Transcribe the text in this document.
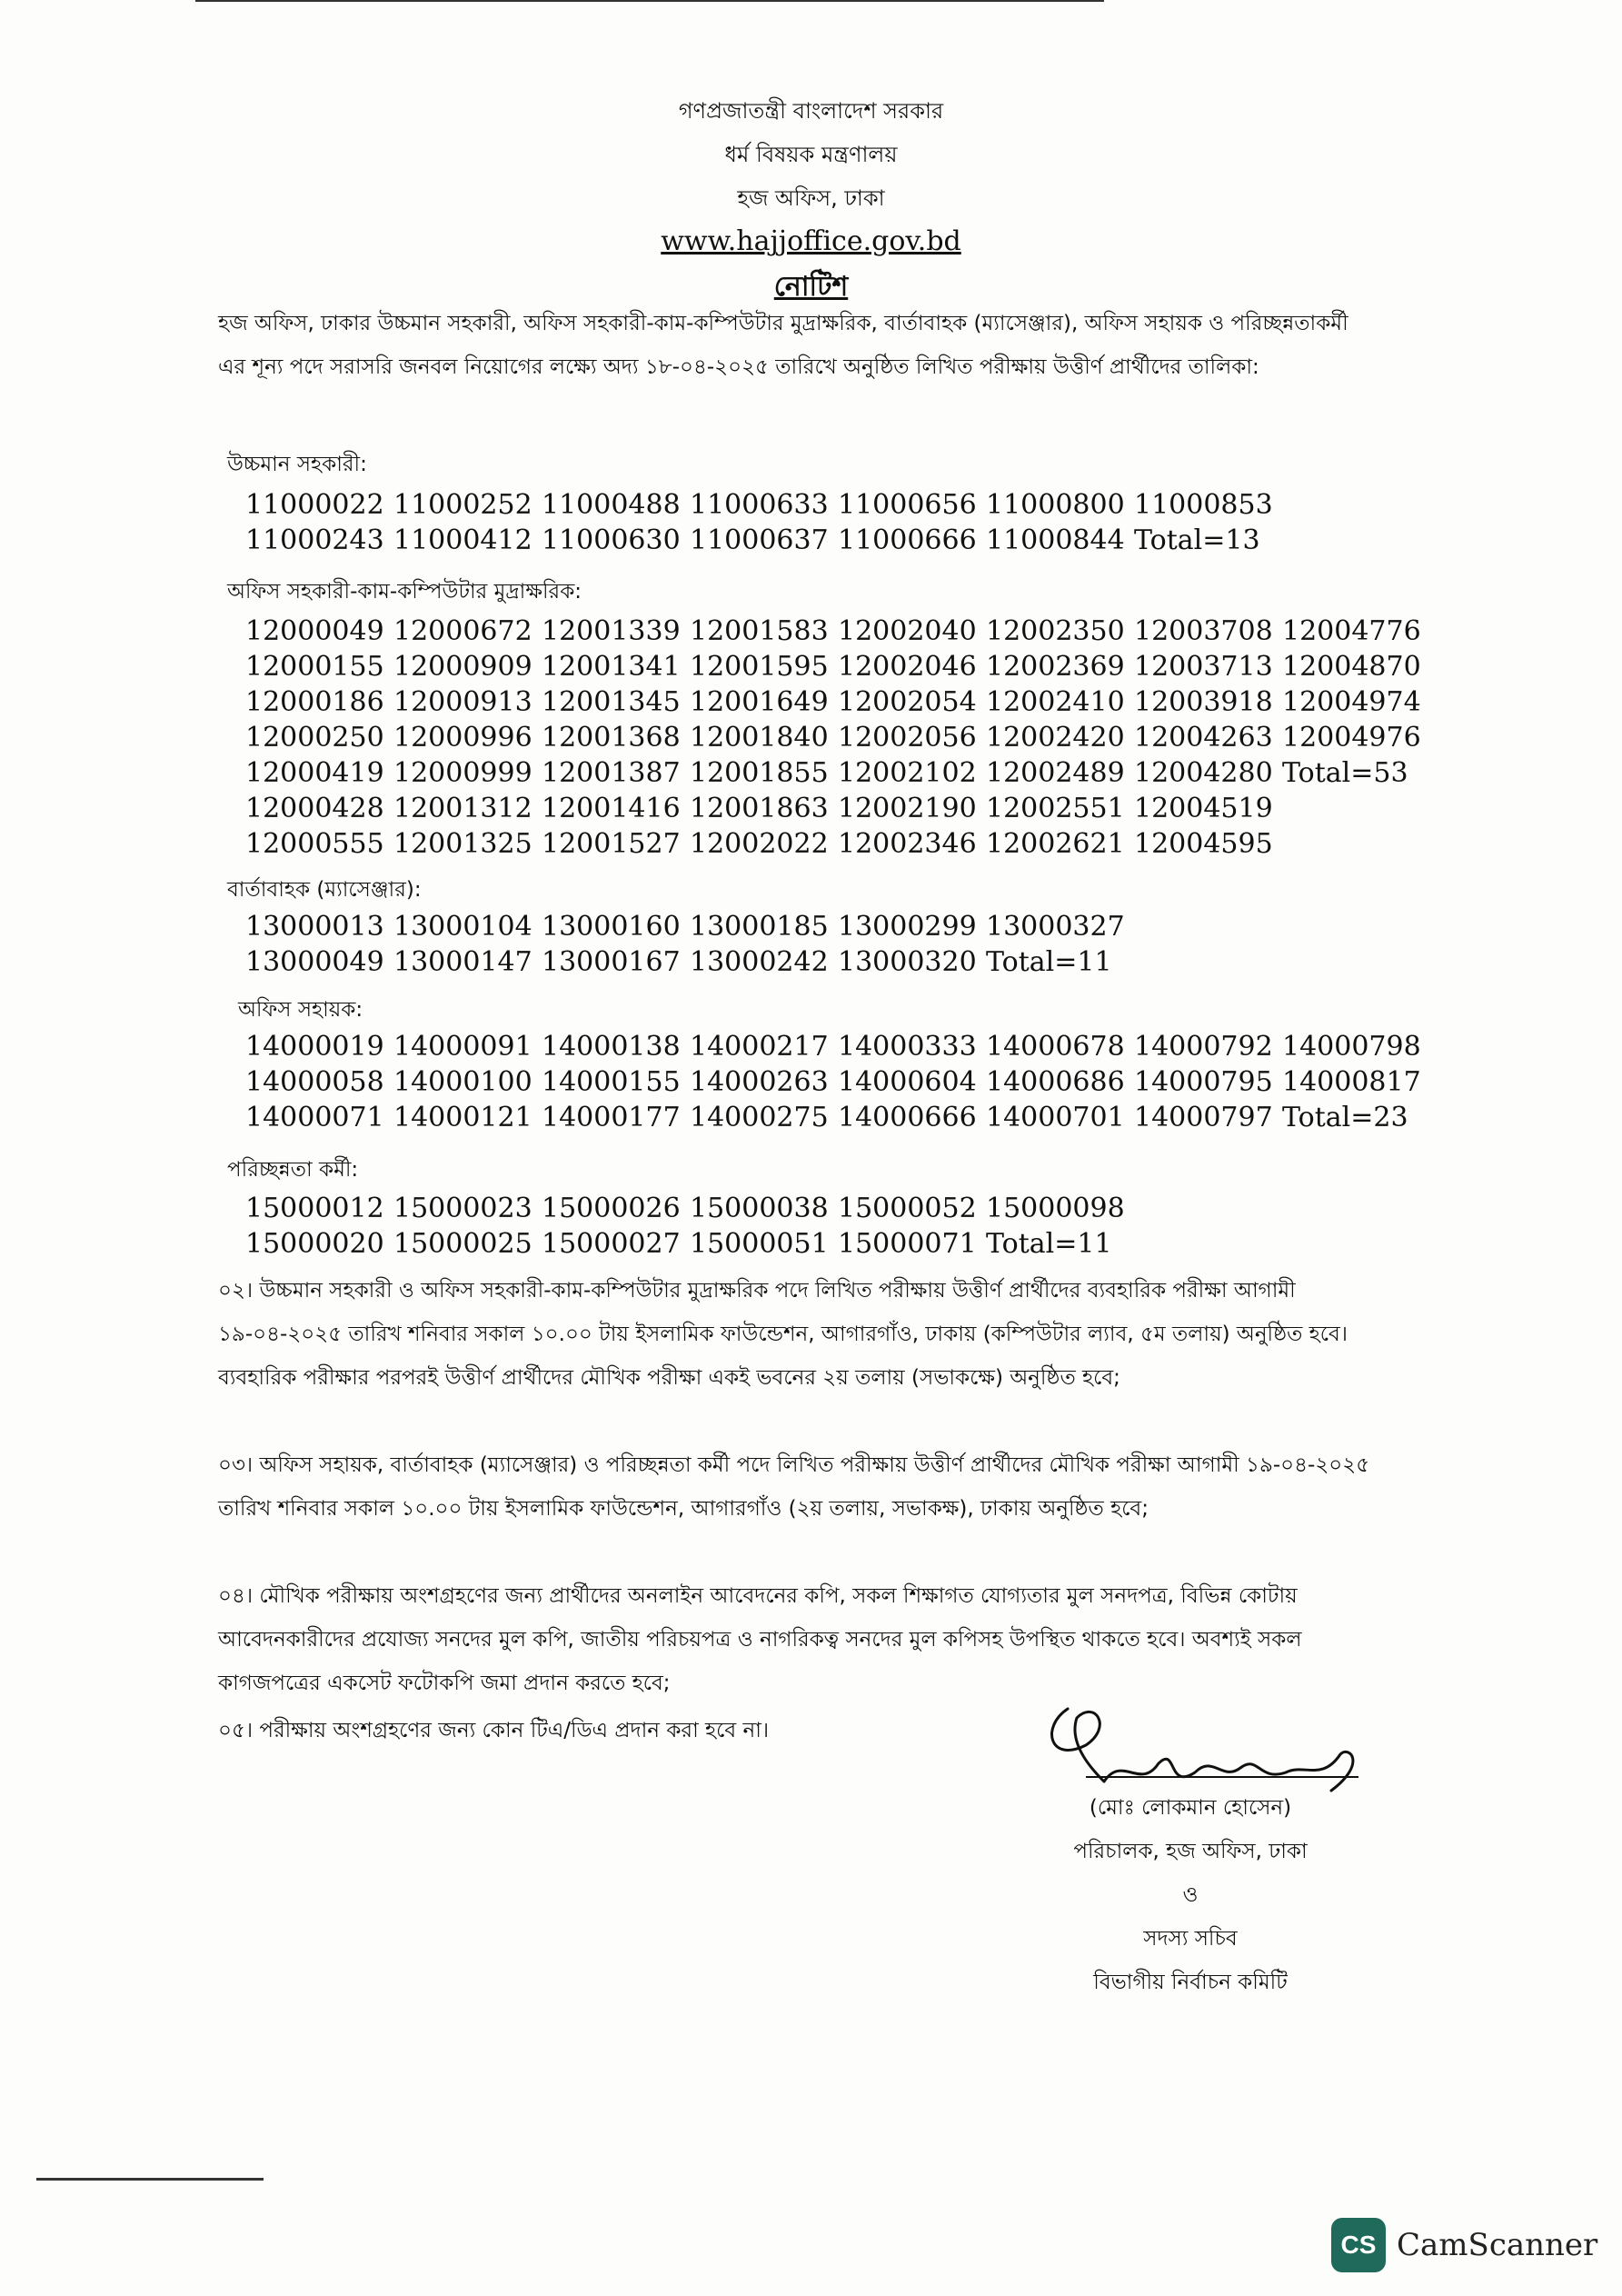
গণপ্রজাতন্ত্রী বাংলাদেশ সরকার
ধর্ম বিষয়ক মন্ত্রণালয়
হজ অফিস, ঢাকা
www.hajjoffice.gov.bd
নোটিশ
হজ অফিস, ঢাকার উচ্চমান সহকারী, অফিস সহকারী-কাম-কম্পিউটার মুদ্রাক্ষরিক, বার্তাবাহক (ম্যাসেঞ্জার), অফিস সহায়ক ও পরিচ্ছন্নতাকর্মী এর শূন্য পদে সরাসরি জনবল নিয়োগের লক্ষ্যে অদ্য ১৮-০৪-২০২৫ তারিখে অনুষ্ঠিত লিখিত পরীক্ষায় উত্তীর্ণ প্রার্থীদের তালিকা:
উচ্চমান সহকারী:
11000022 11000252 11000488 11000633 11000656 11000800 11000853
11000243 11000412 11000630 11000637 11000666 11000844 Total=13
অফিস সহকারী-কাম-কম্পিউটার মুদ্রাক্ষরিক:
12000049 12000672 12001339 12001583 12002040 12002350 12003708 12004776
12000155 12000909 12001341 12001595 12002046 12002369 12003713 12004870
12000186 12000913 12001345 12001649 12002054 12002410 12003918 12004974
12000250 12000996 12001368 12001840 12002056 12002420 12004263 12004976
12000419 12000999 12001387 12001855 12002102 12002489 12004280 Total=53
12000428 12001312 12001416 12001863 12002190 12002551 12004519
12000555 12001325 12001527 12002022 12002346 12002621 12004595
বার্তাবাহক (ম্যাসেঞ্জার):
13000013 13000104 13000160 13000185 13000299 13000327
13000049 13000147 13000167 13000242 13000320 Total=11
অফিস সহায়ক:
14000019 14000091 14000138 14000217 14000333 14000678 14000792 14000798
14000058 14000100 14000155 14000263 14000604 14000686 14000795 14000817
14000071 14000121 14000177 14000275 14000666 14000701 14000797 Total=23
পরিচ্ছন্নতা কর্মী:
15000012 15000023 15000026 15000038 15000052 15000098
15000020 15000025 15000027 15000051 15000071 Total=11
০২। উচ্চমান সহকারী ও অফিস সহকারী-কাম-কম্পিউটার মুদ্রাক্ষরিক পদে লিখিত পরীক্ষায় উত্তীর্ণ প্রার্থীদের ব্যবহারিক পরীক্ষা আগামী ১৯-০৪-২০২৫ তারিখ শনিবার সকাল ১০.০০ টায় ইসলামিক ফাউন্ডেশন, আগারগাঁও, ঢাকায় (কম্পিউটার ল্যাব, ৫ম তলায়) অনুষ্ঠিত হবে। ব্যবহারিক পরীক্ষার পরপরই উত্তীর্ণ প্রার্থীদের মৌখিক পরীক্ষা একই ভবনের ২য় তলায় (সভাকক্ষে) অনুষ্ঠিত হবে;
০৩। অফিস সহায়ক, বার্তাবাহক (ম্যাসেঞ্জার) ও পরিচ্ছন্নতা কর্মী পদে লিখিত পরীক্ষায় উত্তীর্ণ প্রার্থীদের মৌখিক পরীক্ষা আগামী ১৯-০৪-২০২৫ তারিখ শনিবার সকাল ১০.০০ টায় ইসলামিক ফাউন্ডেশন, আগারগাঁও (২য় তলায়, সভাকক্ষ), ঢাকায় অনুষ্ঠিত হবে;
০৪। মৌখিক পরীক্ষায় অংশগ্রহণের জন্য প্রার্থীদের অনলাইন আবেদনের কপি, সকল শিক্ষাগত যোগ্যতার মুল সনদপত্র, বিভিন্ন কোটায় আবেদনকারীদের প্রযোজ্য সনদের মুল কপি, জাতীয় পরিচয়পত্র ও নাগরিকত্ব সনদের মুল কপিসহ উপস্থিত থাকতে হবে। অবশ্যই সকল কাগজপত্রের একসেট ফটোকপি জমা প্রদান করতে হবে;
০৫। পরীক্ষায় অংশগ্রহণের জন্য কোন টিএ/ডিএ প্রদান করা হবে না।
(মোঃ লোকমান হোসেন)
পরিচালক, হজ অফিস, ঢাকা
ও
সদস্য সচিব
বিভাগীয় নির্বাচন কমিটি
CS CamScanner
